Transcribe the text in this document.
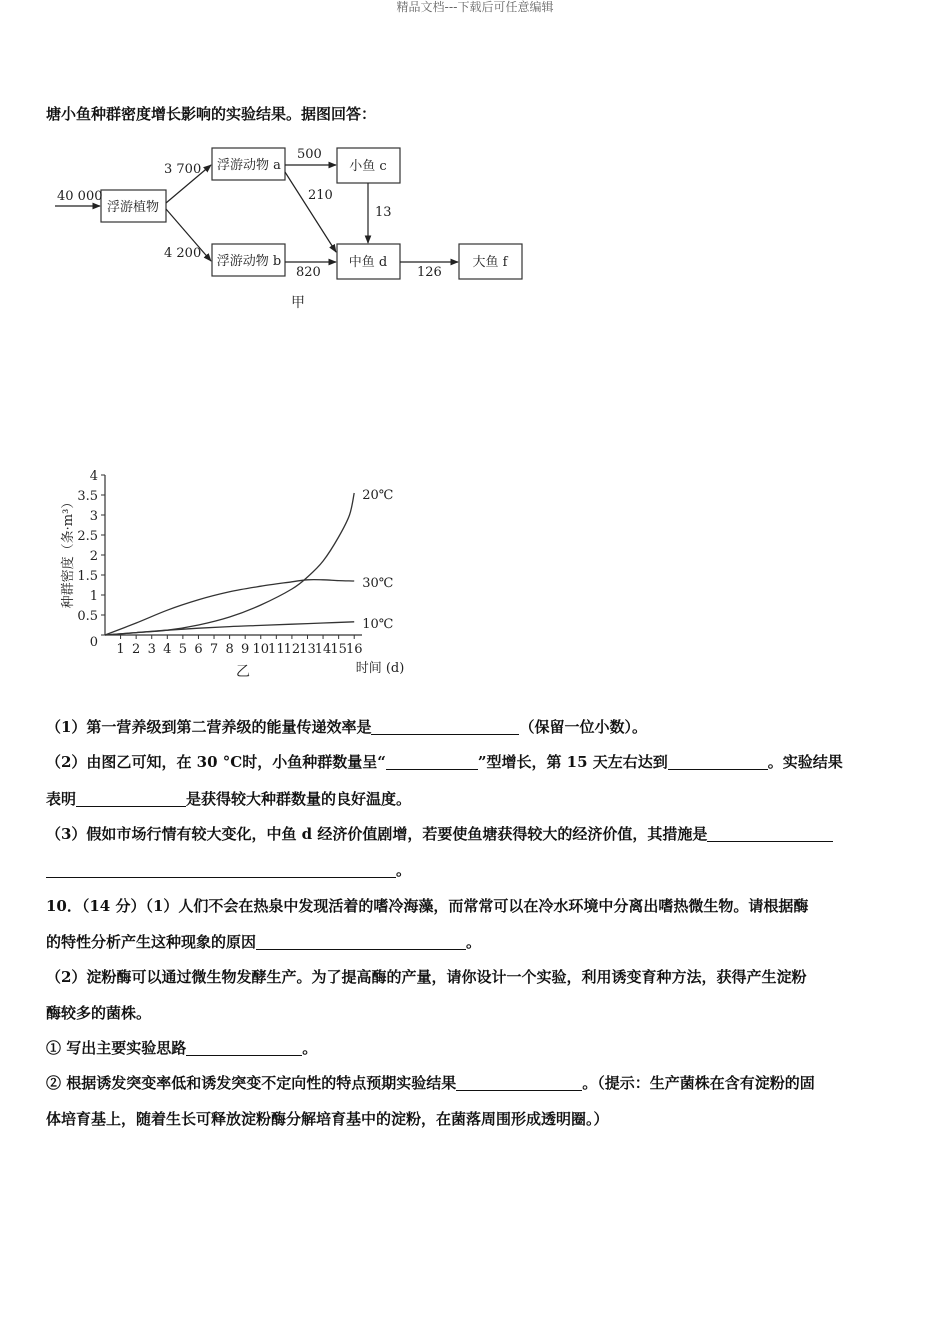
精品文档---下载后可任意编辑
塘小鱼种群密度增长影响的实验结果。据图回答：
浮游植物
浮游动物 a
浮游动物 b
小鱼 c
中鱼 d	大鱼 f
40 000
3 700
4 200
500
210
13
820	126
甲
0
0.5
1
1.5
2
2.5
3
3.5
4
1 2 3 4 5 6 7 8 9 10 11 12 13 14 15 16
20℃
30℃
10℃
种群密度（条·m³）
时间 (d)
乙
（1）第一营养级到第二营养级的能量传递效率是	（保留一位小数）。
（2）由图乙可知，在 30 °C时，小鱼种群数量呈“	”型增长，第 15 天左右达到	。实验结果
表明	是获得较大种群数量的良好温度。
（3）假如市场行情有较大变化，中鱼 d 经济价值剧增，若要使鱼塘获得较大的经济价值，其措施是
。
10．（14 分）（1）人们不会在热泉中发现活着的嗜冷海藻，而常常可以在冷水环境中分离出嗜热微生物。请根据酶
的特性分析产生这种现象的原因	。
（2）淀粉酶可以通过微生物发酵生产。为了提高酶的产量，请你设计一个实验，利用诱变育种方法，获得产生淀粉
酶较多的菌株。
① 写出主要实验思路	。
② 根据诱发突变率低和诱发突变不定向性的特点预期实验结果	。（提示：生产菌株在含有淀粉的固
体培育基上，随着生长可释放淀粉酶分解培育基中的淀粉，在菌落周围形成透明圈。）
